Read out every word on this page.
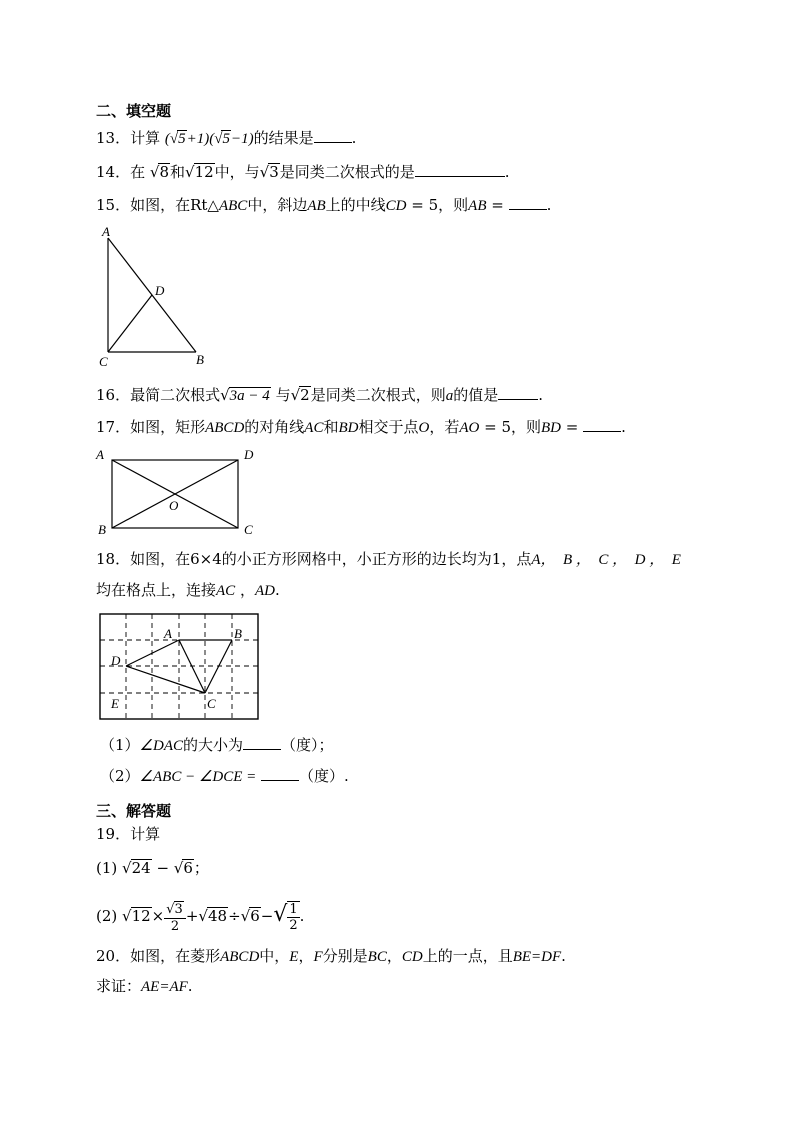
二、填空题
13．计算 (√5+1)(√5−1)的结果是	.
14．在 √8和√12中，与√3是同类二次根式的是	.
15．如图，在Rt△ABC中，斜边AB上的中线CD = 5，则AB =	.
A
D
C	B
16．最简二次根式√3a − 4 与√2是同类二次根式，则a的值是	.
17．如图，矩形ABCD的对角线AC和BD相交于点O，若AO = 5，则BD =	.
A	D
B	C
O
18．如图，在6×4的小正方形网格中，小正方形的边长均为1，点A，  B ，  C ，  D ，  E
均在格点上，连接AC ，AD.
A	B
D
E	C
（1）∠DAC的大小为	（度）；
（2）∠ABC − ∠DCE =	（度）.
三、解答题
19．计算
(1) √24 − √6；
(2) $√12\times \frac{√3}{2} +√48\div√6-√ \frac{1}{2}$ .
20．如图，在菱形ABCD中，E，F分别是BC，CD上的一点，且BE=DF.
求证：AE=AF.
